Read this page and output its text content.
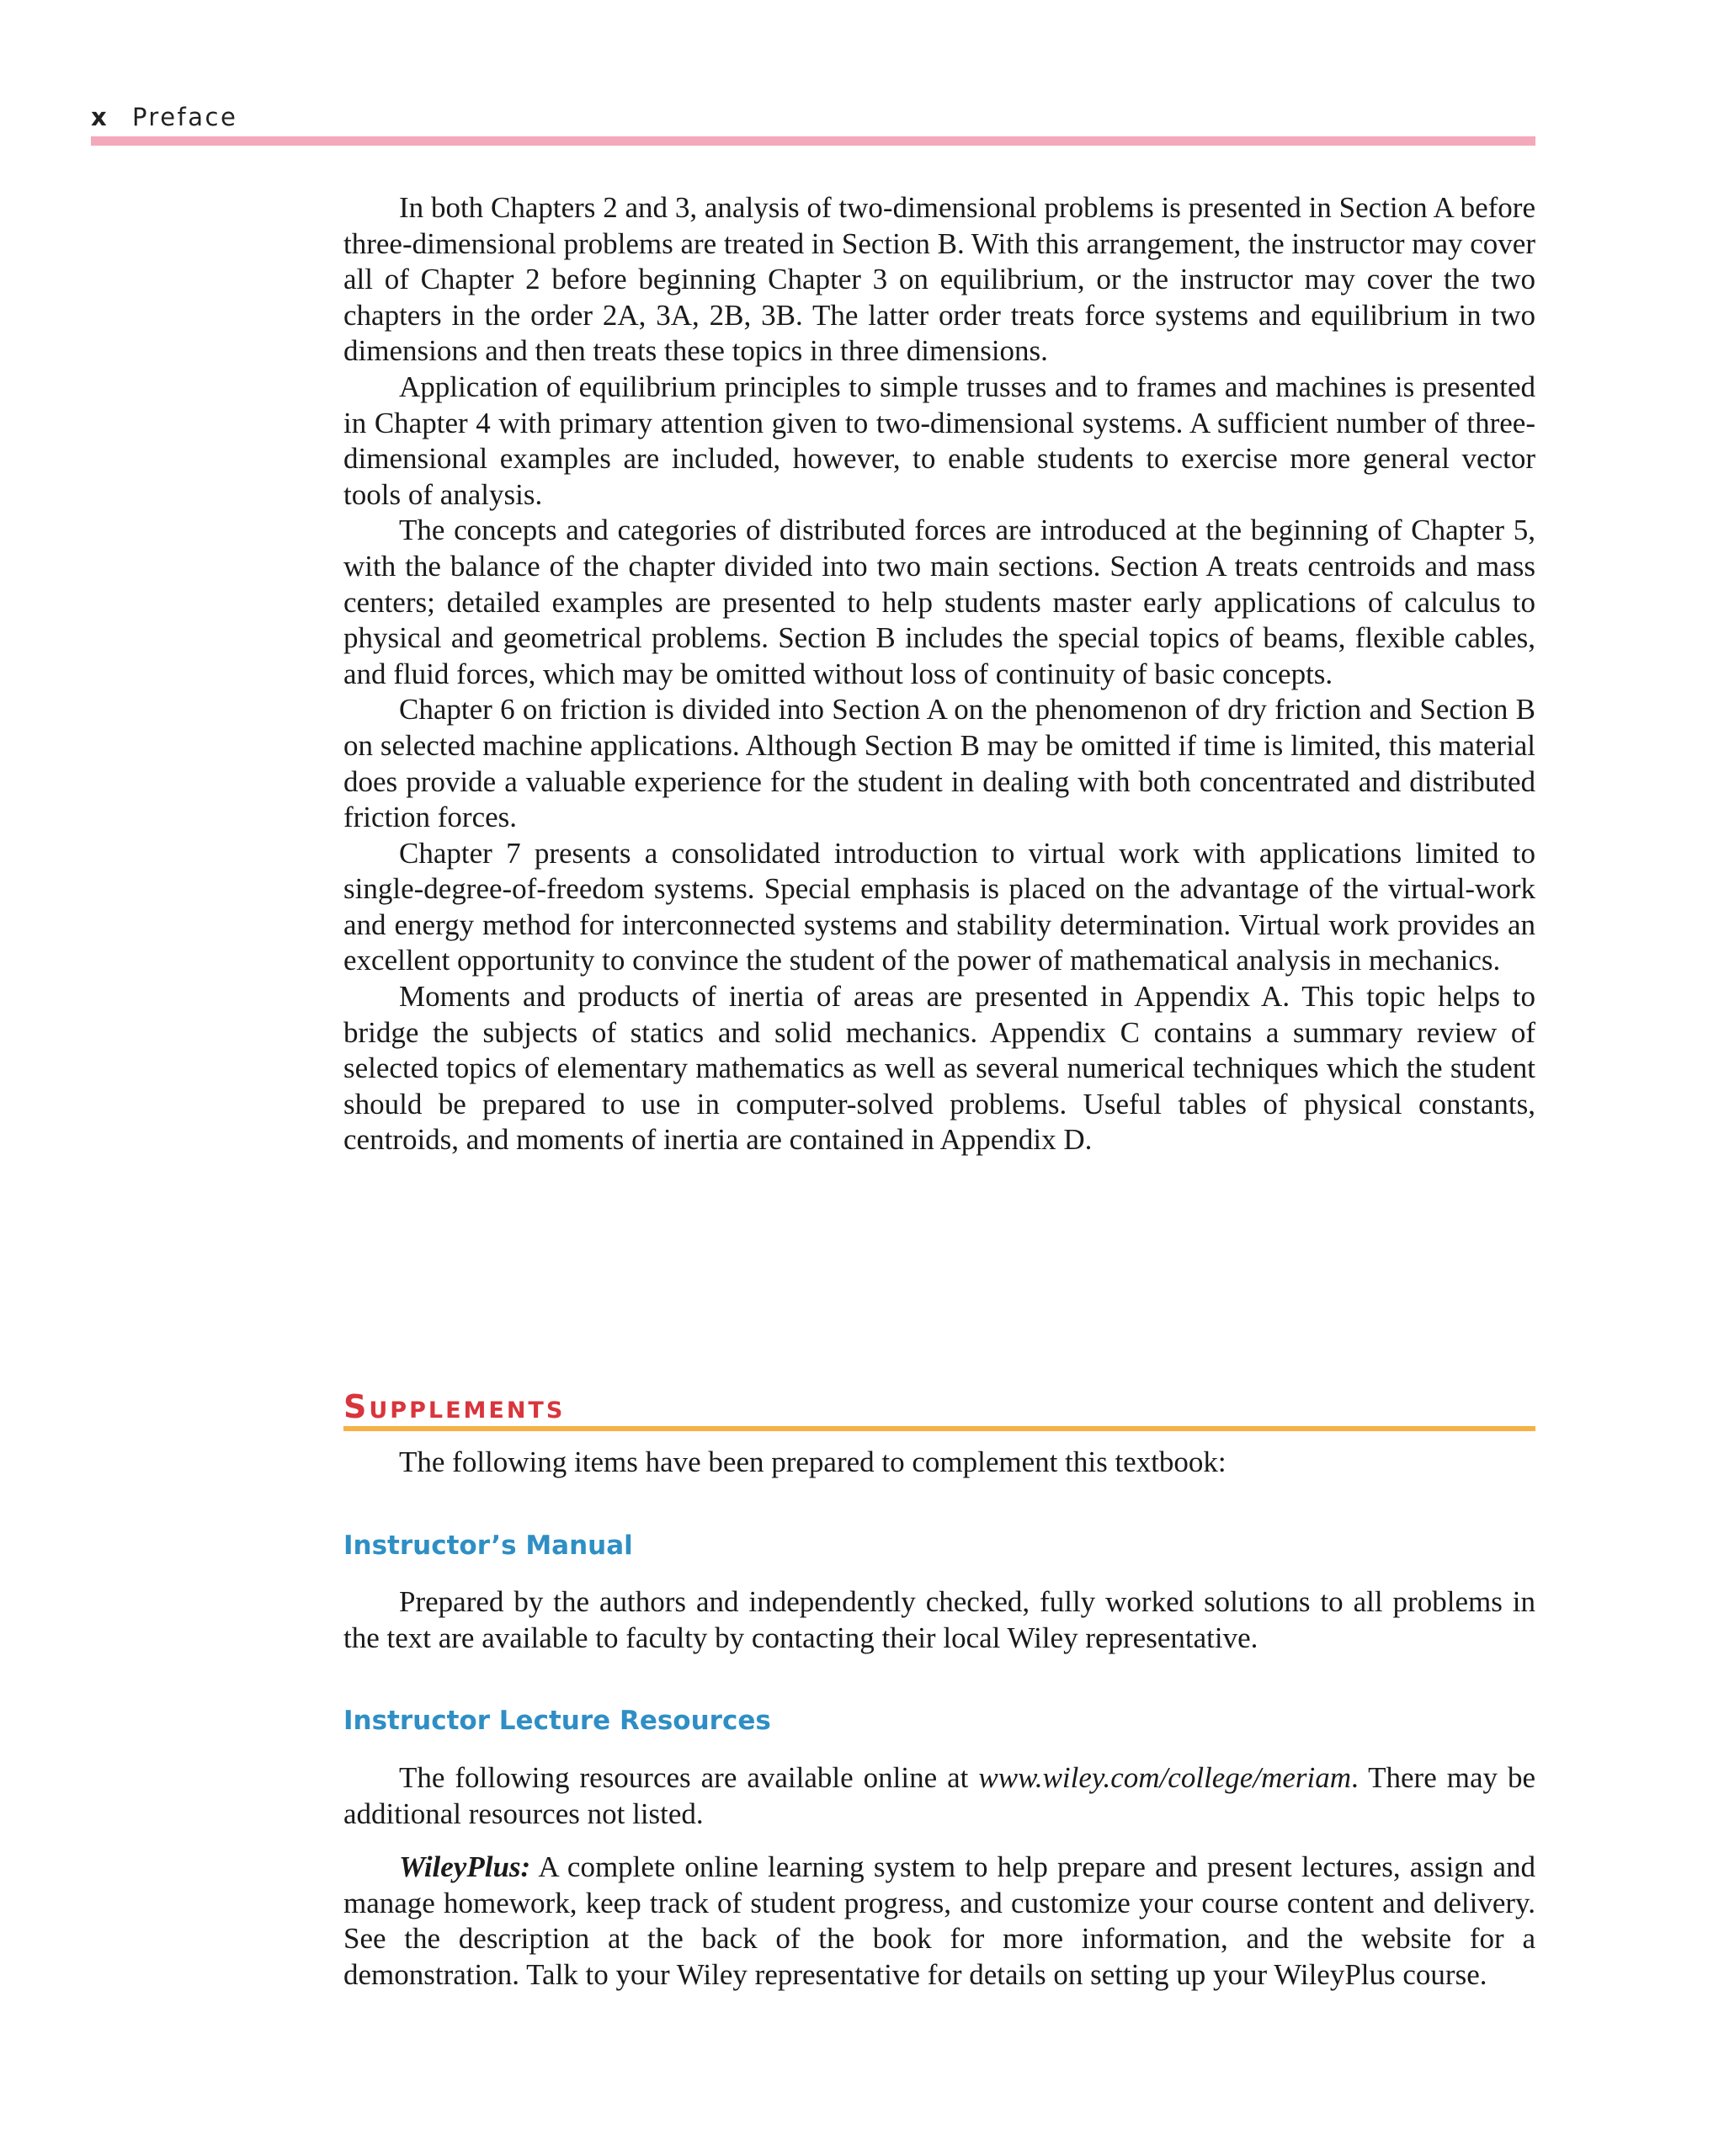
x Preface

In both Chapters 2 and 3, analysis of two-dimensional problems is presented in Section A before three-dimensional problems are treated in Section B. With this arrangement, the instructor may cover all of Chapter 2 before beginning Chapter 3 on equilibrium, or the instructor may cover the two chapters in the order 2A, 3A, 2B, 3B. The latter order treats force systems and equilibrium in two dimensions and then treats these topics in three dimensions.

Application of equilibrium principles to simple trusses and to frames and machines is presented in Chapter 4 with primary attention given to two-dimensional systems. A sufficient number of three-dimensional examples are included, however, to enable students to exercise more general vector tools of analysis.

The concepts and categories of distributed forces are introduced at the beginning of Chapter 5, with the balance of the chapter divided into two main sections. Section A treats centroids and mass centers; detailed examples are presented to help students master early applications of calculus to physical and geometrical problems. Section B includes the special topics of beams, flexible cables, and fluid forces, which may be omitted without loss of continuity of basic concepts.

Chapter 6 on friction is divided into Section A on the phenomenon of dry friction and Section B on selected machine applications. Although Section B may be omitted if time is limited, this material does provide a valuable experience for the student in dealing with both concentrated and distributed friction forces.

Chapter 7 presents a consolidated introduction to virtual work with applications limited to single-degree-of-freedom systems. Special emphasis is placed on the advantage of the virtual-work and energy method for interconnected systems and stability determination. Virtual work provides an excellent opportunity to convince the student of the power of mathematical analysis in mechanics.

Moments and products of inertia of areas are presented in Appendix A. This topic helps to bridge the subjects of statics and solid mechanics. Appendix C contains a summary review of selected topics of elementary mathematics as well as several numerical techniques which the student should be prepared to use in computer-solved problems. Useful tables of physical constants, centroids, and moments of inertia are contained in Appendix D.

Supplements

The following items have been prepared to complement this textbook:

Instructor’s Manual

Prepared by the authors and independently checked, fully worked solutions to all problems in the text are available to faculty by contacting their local Wiley representative.

Instructor Lecture Resources

The following resources are available online at www.wiley.com/college/meriam. There may be additional resources not listed.

WileyPlus: A complete online learning system to help prepare and present lectures, assign and manage homework, keep track of student progress, and customize your course content and delivery. See the description at the back of the book for more information, and the website for a demonstration. Talk to your Wiley representative for details on setting up your WileyPlus course.
